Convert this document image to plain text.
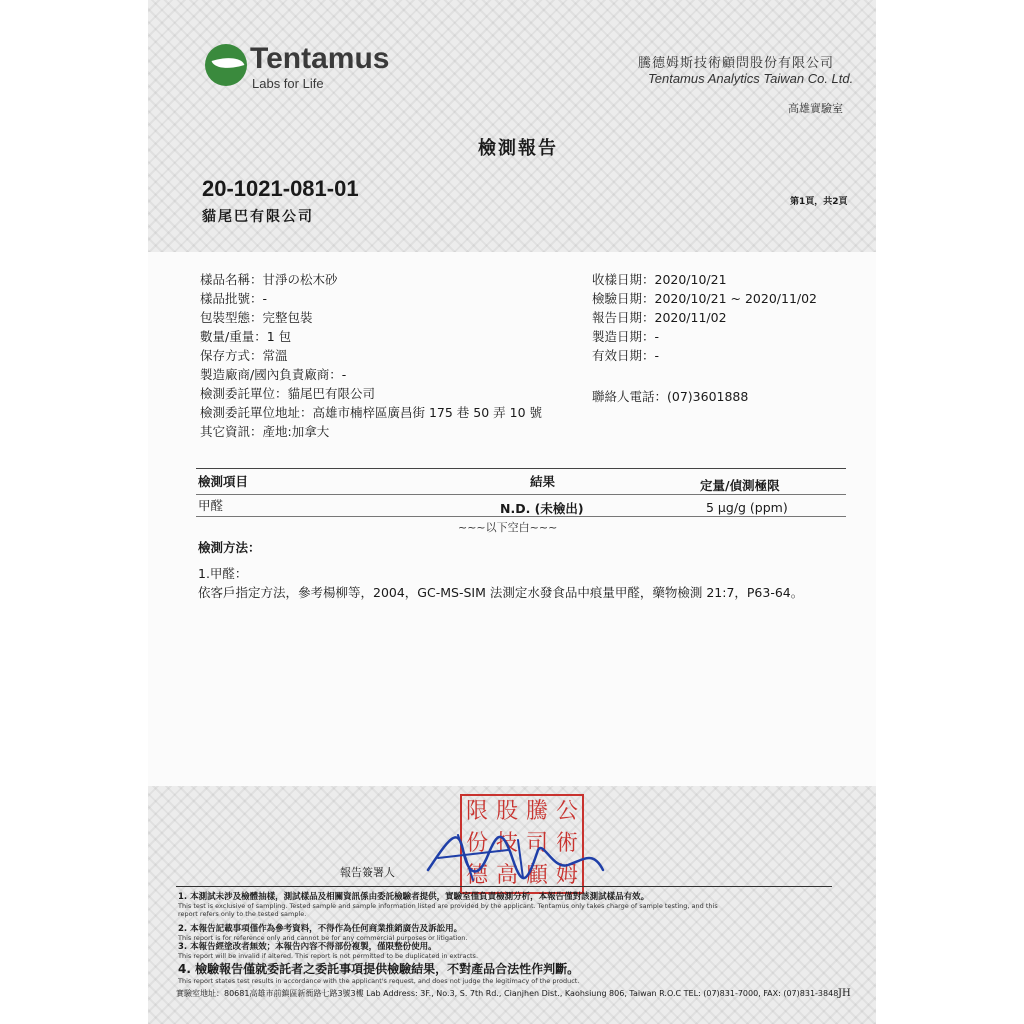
Tentamus
Labs for Life
騰德姆斯技術顧問股份有限公司
Tentamus Analytics Taiwan Co. Ltd.
高雄實驗室
檢測報告
20-1021-081-01
貓尾巴有限公司
第1頁，共2頁
樣品名稱：甘淨の松木砂
樣品批號：-
包裝型態：完整包裝
數量/重量：1 包
保存方式：常溫
製造廠商/國內負責廠商：-
檢測委託單位：貓尾巴有限公司
檢測委託單位地址：高雄市楠梓區廣昌街 175 巷 50 弄 10 號
其它資訊：產地:加拿大
收樣日期：2020/10/21
檢驗日期：2020/10/21 ~ 2020/11/02
報告日期：2020/11/02
製造日期：-
有效日期：-
聯絡人電話：(07)3601888
檢測項目	結果	定量/偵測極限
甲醛	N.D. (未檢出)	5 μg/g (ppm)
~~~以下空白~~~
檢測方法：
1.甲醛：
依客戶指定方法，參考楊柳等，2004，GC-MS-SIM 法測定水發食品中痕量甲醛，藥物檢測 21:7，P63-64。
限 股 騰 公
份 技 司 術
德 高 顧 姆
報告簽署人
1. 本測試未涉及檢體抽樣，測試樣品及相關資訊係由委託檢驗者提供，實驗室僅負責檢測分析，本報告僅對該測試樣品有效。
This test is exclusive of sampling. Tested sample and sample information listed are provided by the applicant. Tentamus only takes charge of sample testing, and this
report refers only to the tested sample.
2. 本報告記載事項僅作為參考資料，不得作為任何商業推銷廣告及訴訟用。
This report is for reference only and cannot be for any commercial purposes or litigation.
3. 本報告經塗改者無效；本報告內容不得部份複製，僅限整份使用。
This report will be invalid if altered. This report is not permitted to be duplicated in extracts.
4. 檢驗報告僅就委託者之委託事項提供檢驗結果，不對產品合法性作判斷。
This report states test results in accordance with the applicant's request, and does not judge the legitimacy of the product.
實驗室地址：80681高雄市前鎮區新衙路七路3號3樓 Lab Address: 3F., No.3, S. 7th Rd., Cianjhen Dist., Kaohsiung 806, Taiwan R.O.C TEL: (07)831-7000, FAX: (07)831-3848 JH
